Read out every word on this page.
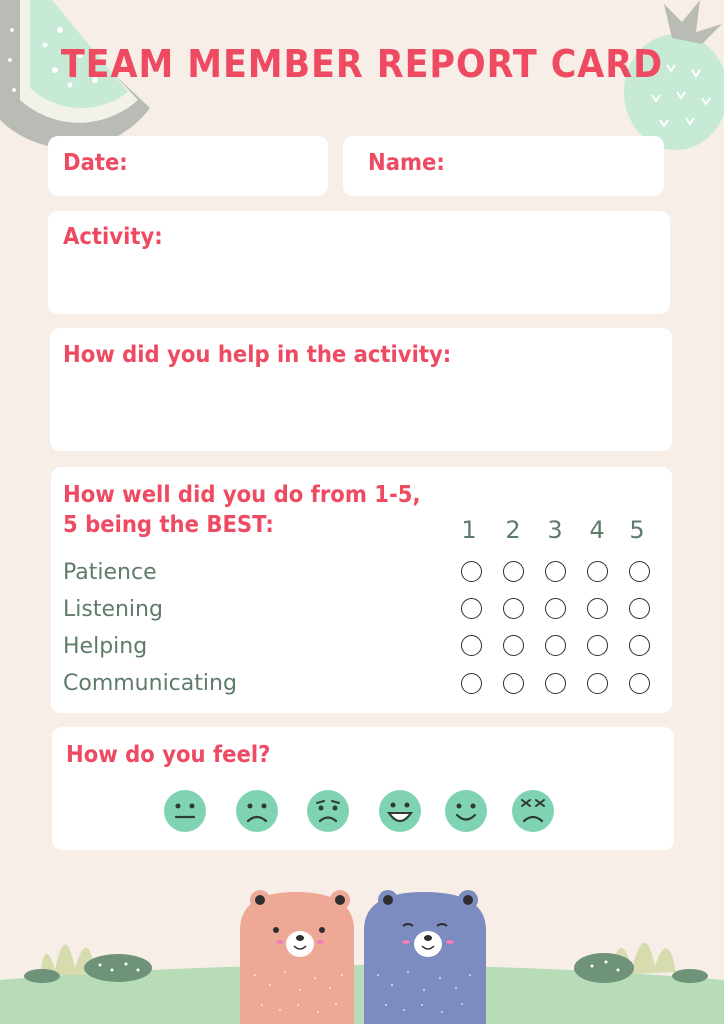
TEAM MEMBER REPORT CARD
Date:	Name:
Activity:
How did you help in the activity:
How well did you do from 1-5,
5 being the BEST:	1	2	3	4	5
Patience
Listening
Helping
Communicating
How do you feel?
